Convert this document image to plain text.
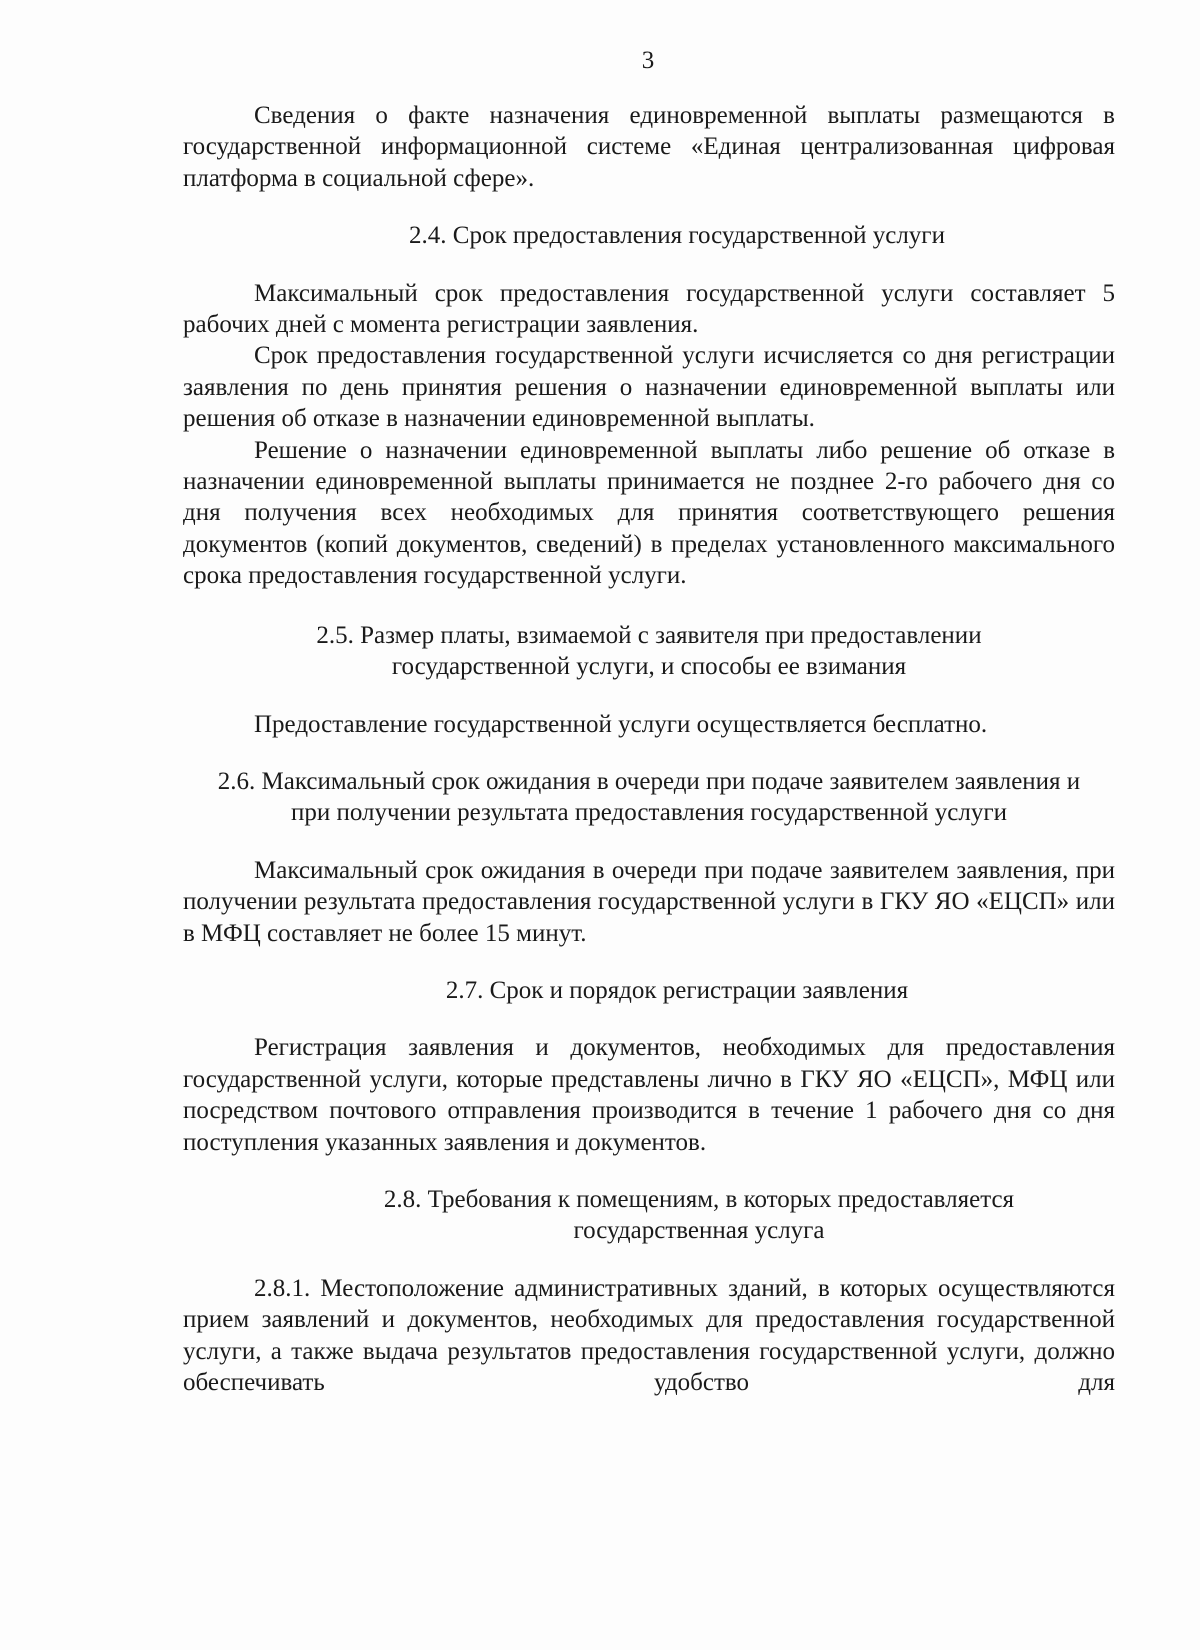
3

Сведения о факте назначения единовременной выплаты размещаются в государственной информационной системе «Единая централизованная цифровая платформа в социальной сфере».

2.4. Срок предоставления государственной услуги

Максимальный срок предоставления государственной услуги составляет 5 рабочих дней с момента регистрации заявления.

Срок предоставления государственной услуги исчисляется со дня регистрации заявления по день принятия решения о назначении единовременной выплаты или решения об отказе в назначении единовременной выплаты.

Решение о назначении единовременной выплаты либо решение об отказе в назначении единовременной выплаты принимается не позднее 2-го рабочего дня со дня получения всех необходимых для принятия соответствующего решения документов (копий документов, сведений) в пределах установленного максимального срока предоставления государственной услуги.

2.5. Размер платы, взимаемой с заявителя при предоставлении государственной услуги, и способы ее взимания

Предоставление государственной услуги осуществляется бесплатно.

2.6. Максимальный срок ожидания в очереди при подаче заявителем заявления и при получении результата предоставления государственной услуги

Максимальный срок ожидания в очереди при подаче заявителем заявления, при получении результата предоставления государственной услуги в ГКУ ЯО «ЕЦСП» или в МФЦ составляет не более 15 минут.

2.7. Срок и порядок регистрации заявления

Регистрация заявления и документов, необходимых для предоставления государственной услуги, которые представлены лично в ГКУ ЯО «ЕЦСП», МФЦ или посредством почтового отправления производится в течение 1 рабочего дня со дня поступления указанных заявления и документов.

2.8. Требования к помещениям, в которых предоставляется государственная услуга

2.8.1. Местоположение административных зданий, в которых осуществляются прием заявлений и документов, необходимых для предоставления государственной услуги, а также выдача результатов предоставления государственной услуги, должно обеспечивать удобство для
